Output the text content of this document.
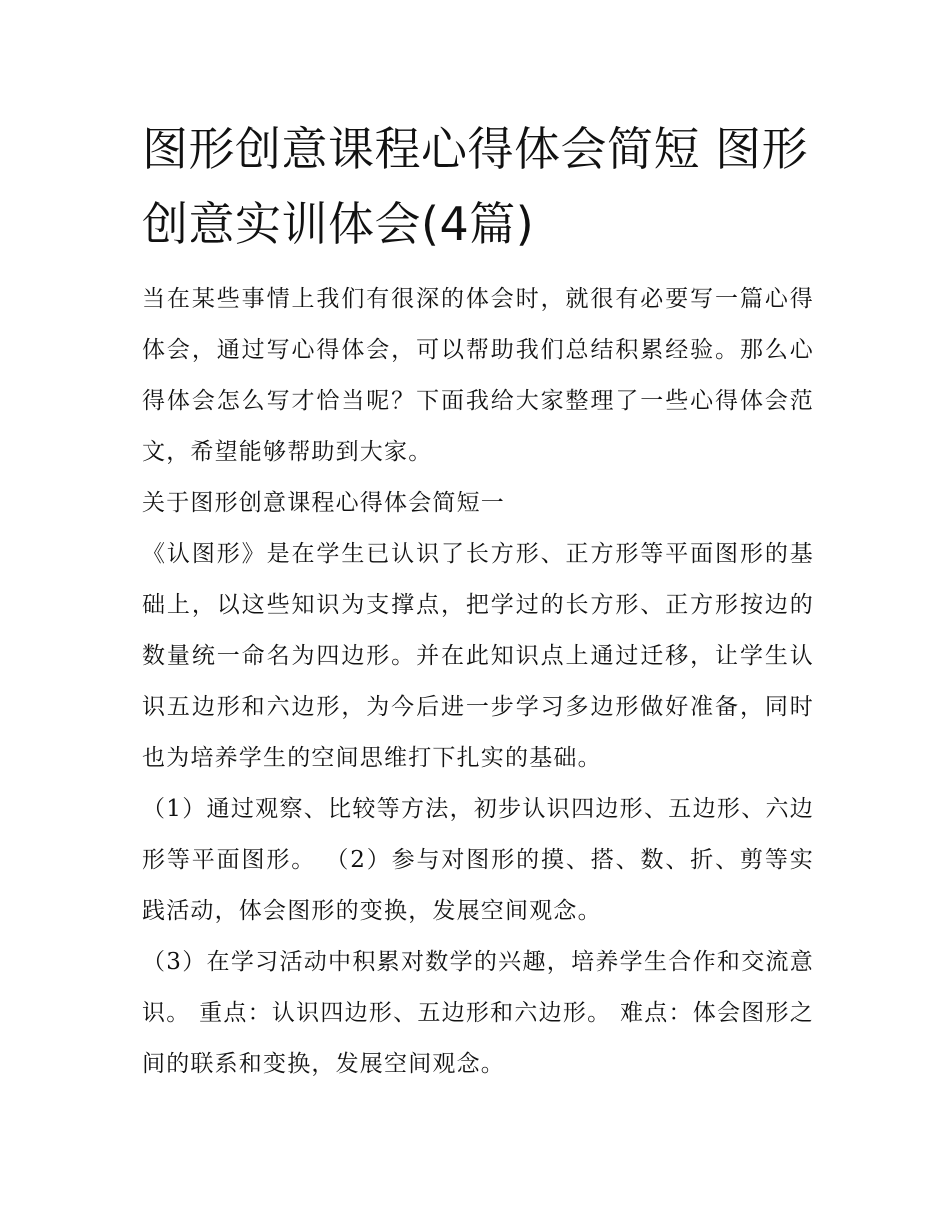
图形创意课程心得体会简短 图形创意实训体会(4篇)

当在某些事情上我们有很深的体会时，就很有必要写一篇心得体会，通过写心得体会，可以帮助我们总结积累经验。那么心得体会怎么写才恰当呢？下面我给大家整理了一些心得体会范文，希望能够帮助到大家。

关于图形创意课程心得体会简短一

《认图形》是在学生已认识了长方形、正方形等平面图形的基础上，以这些知识为支撑点，把学过的长方形、正方形按边的数量统一命名为四边形。并在此知识点上通过迁移，让学生认识五边形和六边形，为今后进一步学习多边形做好准备，同时也为培养学生的空间思维打下扎实的基础。

（1）通过观察、比较等方法，初步认识四边形、五边形、六边形等平面图形。 （2）参与对图形的摸、搭、数、折、剪等实践活动，体会图形的变换，发展空间观念。

（3）在学习活动中积累对数学的兴趣，培养学生合作和交流意识。 重点：认识四边形、五边形和六边形。 难点：体会图形之间的联系和变换，发展空间观念。
